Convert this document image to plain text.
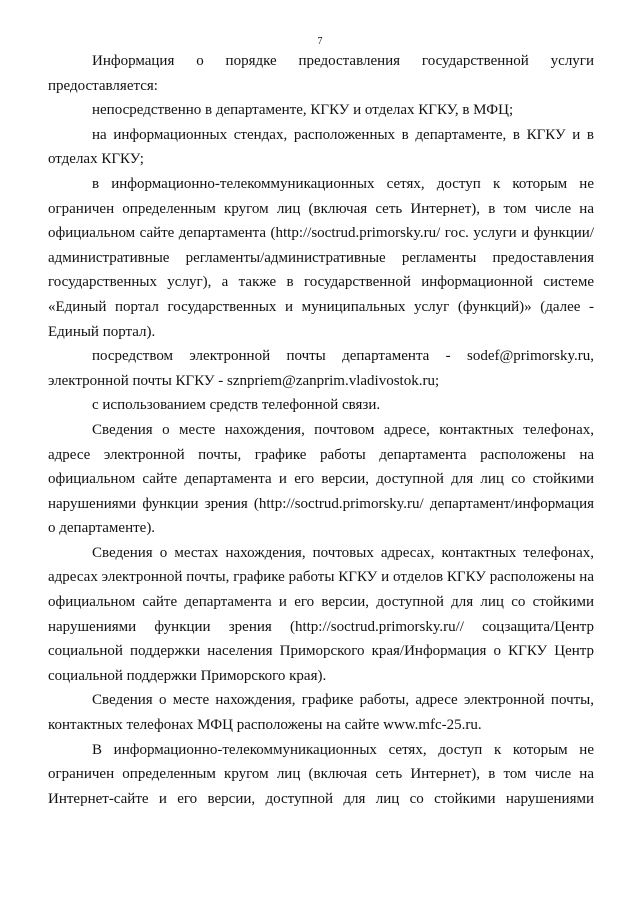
7

Информация о порядке предоставления государственной услуги предоставляется:

непосредственно в департаменте, КГКУ и отделах КГКУ, в МФЦ;

на информационных стендах, расположенных в департаменте, в КГКУ и в отделах КГКУ;

в информационно-телекоммуникационных сетях, доступ к которым не ограничен определенным кругом лиц (включая сеть Интернет), в том числе на официальном сайте департамента (http://soctrud.primorsky.ru/ гос. услуги и функции/административные регламенты/административные регламенты предоставления государственных услуг), а также в государственной информационной системе «Единый портал государственных и муниципальных услуг (функций)» (далее - Единый портал).

посредством электронной почты департамента - sodef@primorsky.ru, электронной почты КГКУ - sznpriem@zanprim.vladivostok.ru;

с использованием средств телефонной связи.

Сведения о месте нахождения, почтовом адресе, контактных телефонах, адресе электронной почты, графике работы департамента расположены на официальном сайте департамента и его версии, доступной для лиц со стойкими нарушениями функции зрения (http://soctrud.primorsky.ru/ департамент/информация о департаменте).

Сведения о местах нахождения, почтовых адресах, контактных телефонах, адресах электронной почты, графике работы КГКУ и отделов КГКУ расположены на официальном сайте департамента и его версии, доступной для лиц со стойкими нарушениями функции зрения (http://soctrud.primorsky.ru// соцзащита/Центр социальной поддержки населения Приморского края/Информация о КГКУ Центр социальной поддержки Приморского края).

Сведения о месте нахождения, графике работы, адресе электронной почты, контактных телефонах МФЦ расположены на сайте www.mfc-25.ru.

В информационно-телекоммуникационных сетях, доступ к которым не ограничен определенным кругом лиц (включая сеть Интернет), в том числе на Интернет-сайте и его версии, доступной для лиц со стойкими нарушениями
